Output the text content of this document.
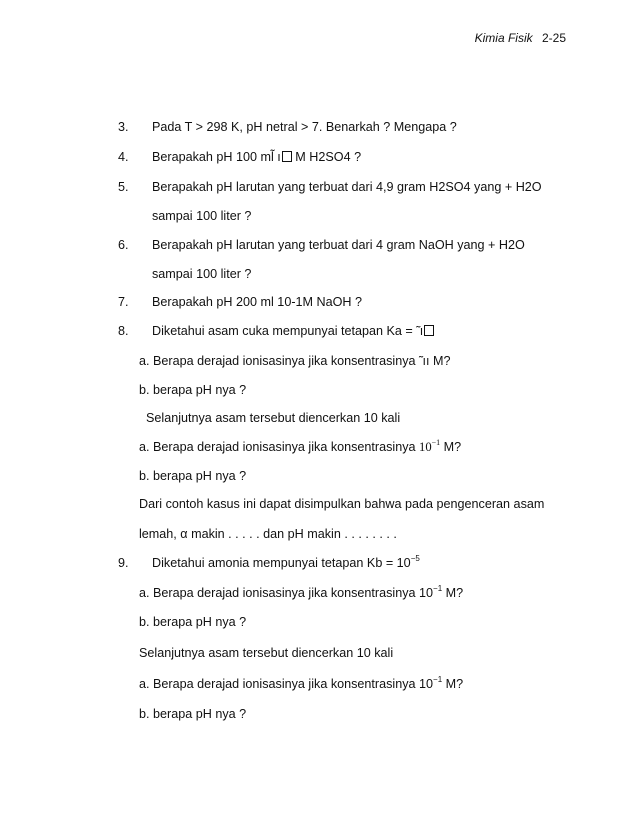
Kimia Fisik 2-25
3. Pada T > 298 K, pH netral > 7. Benarkah ? Mengapa ?
4. Berapakah pH 100 ml̃ ı M H2SO4 ?
5. Berapakah pH larutan yang terbuat dari 4,9 gram H2SO4 yang + H2O
sampai 100 liter ?
6. Berapakah pH larutan yang terbuat dari 4 gram NaOH yang + H2O
sampai 100 liter ?
7. Berapakah pH 200 ml 10-1M NaOH ?
8. Diketahui asam cuka mempunyai tetapan Ka = ̃ ı
a. Berapa derajad ionisasinya jika konsentrasinya ̃ ıı M?
b. berapa pH nya ?
Selanjutnya asam tersebut diencerkan 10 kali
a. Berapa derajad ionisasinya jika konsentrasinya $10^{-1}$ M?
b. berapa pH nya ?
Dari contoh kasus ini dapat disimpulkan bahwa pada pengenceran asam
lemah, α makin . . . . . dan pH makin . . . . . . . .
9. Diketahui amonia mempunyai tetapan $Kb = 10^{-5}$
a. Berapa derajad ionisasinya jika konsentrasinya $10^{-1}$ M?
b. berapa pH nya ?
Selanjutnya asam tersebut diencerkan 10 kali
a. Berapa derajad ionisasinya jika konsentrasinya $10^{-1}$ M?
b. berapa pH nya ?
